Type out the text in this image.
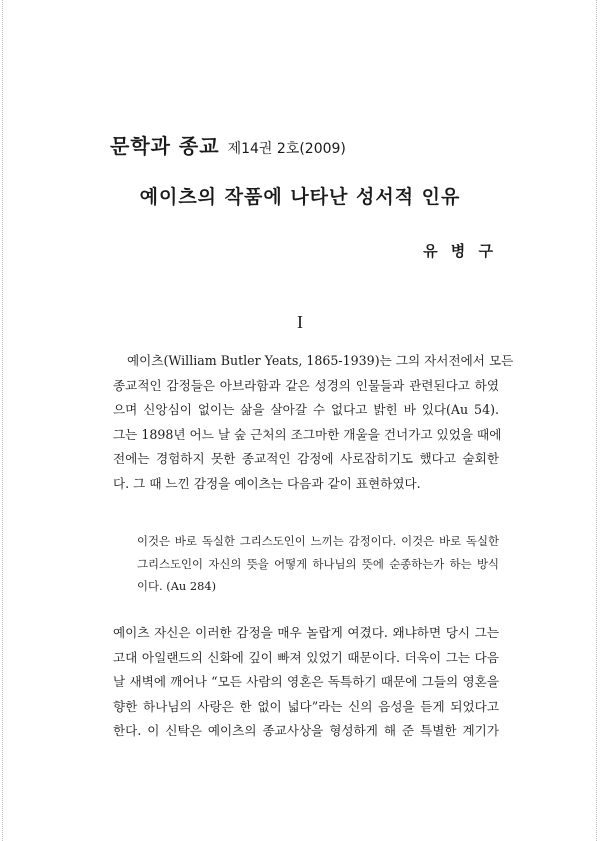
문학과 종교 제14권 2호(2009)
예이츠의 작품에 나타난 성서적 인유
유 병 구
I
예이츠(William Butler Yeats, 1865-1939)는 그의 자서전에서 모든
종교적인 감정들은 아브라함과 같은 성경의 인물들과 관련된다고 하였
으며 신앙심이 없이는 삶을 살아갈 수 없다고 밝힌 바 있다(Au 54).
그는 1898년 어느 날 숲 근처의 조그마한 개울을 건너가고 있었을 때에
전에는 경험하지 못한 종교적인 감정에 사로잡히기도 했다고 술회한
다. 그 때 느낀 감정을 예이츠는 다음과 같이 표현하였다.
이것은 바로 독실한 그리스도인이 느끼는 감정이다. 이것은 바로 독실한
그리스도인이 자신의 뜻을 어떻게 하나님의 뜻에 순종하는가 하는 방식
이다. (Au 284)
예이츠 자신은 이러한 감정을 매우 놀랍게 여겼다. 왜냐하면 당시 그는
고대 아일랜드의 신화에 깊이 빠져 있었기 때문이다. 더욱이 그는 다음
날 새벽에 깨어나 “모든 사람의 영혼은 독특하기 때문에 그들의 영혼을
향한 하나님의 사랑은 한 없이 넓다”라는 신의 음성을 듣게 되었다고
한다. 이 신탁은 예이츠의 종교사상을 형성하게 해 준 특별한 계기가
